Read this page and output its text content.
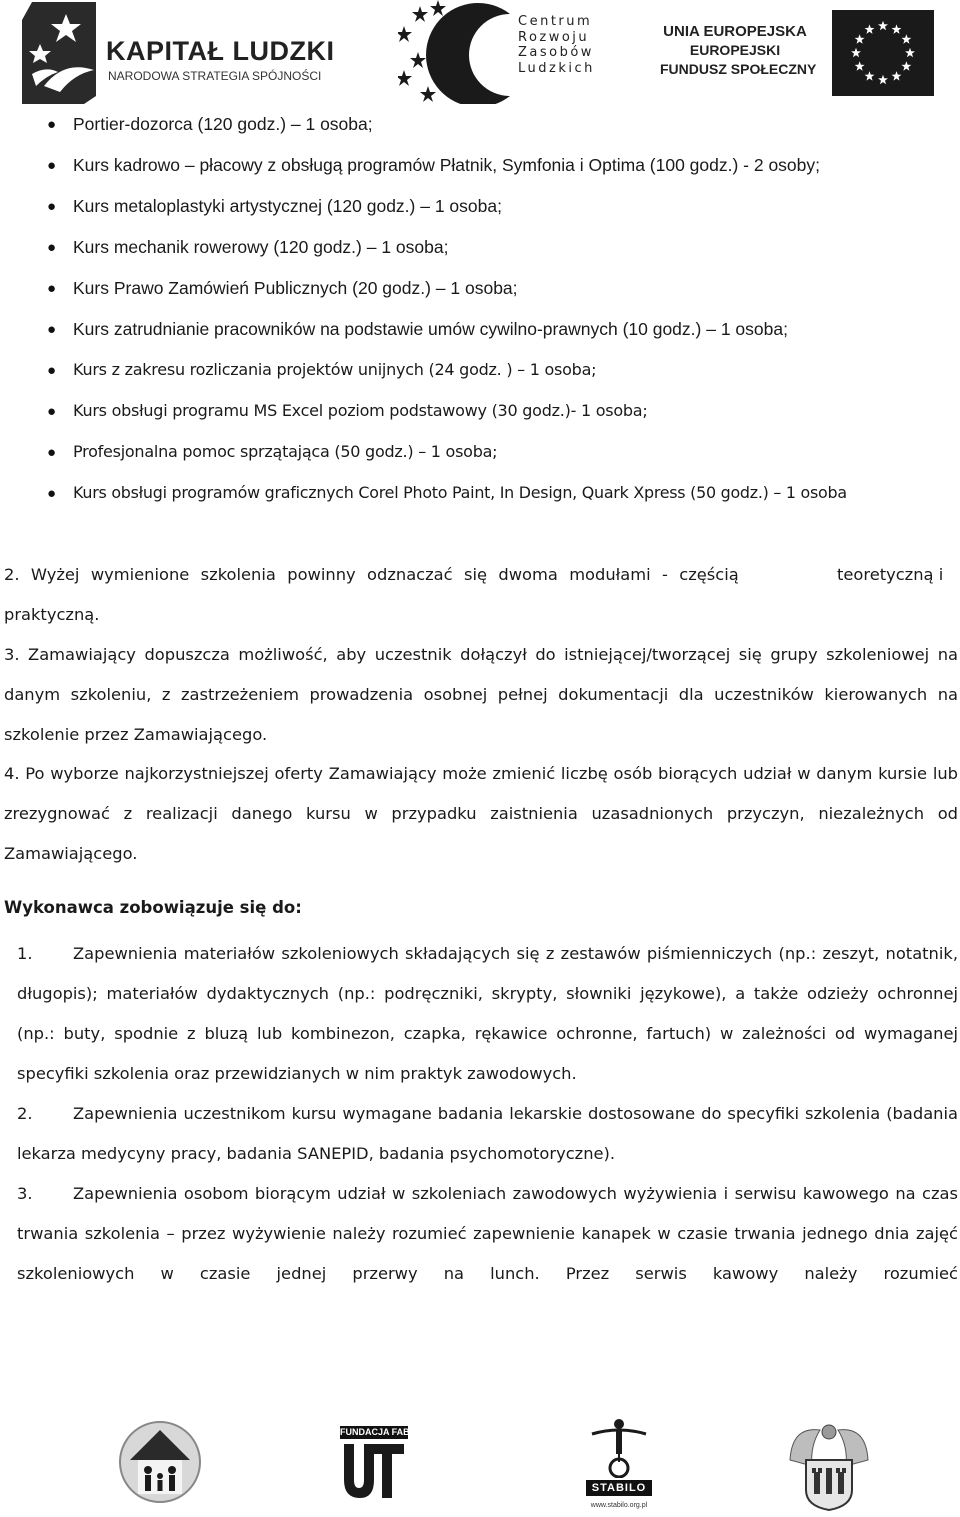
KAPITAŁ LUDZKI
NARODOWA STRATEGIA SPÓJNOŚCI
Centrum
Rozwoju
Zasobów
Ludzkich
UNIA EUROPEJSKA
EUROPEJSKI
FUNDUSZ SPOŁECZNY
● Portier-dozorca (120 godz.) – 1 osoba;
● Kurs kadrowo – płacowy z obsługą programów Płatnik, Symfonia i Optima (100 godz.) - 2 osoby;
● Kurs metaloplastyki artystycznej (120 godz.) – 1 osoba;
● Kurs mechanik rowerowy (120 godz.) – 1 osoba;
● Kurs Prawo Zamówień Publicznych (20 godz.) – 1 osoba;
● Kurs zatrudnianie pracowników na podstawie umów cywilno-prawnych (10 godz.) – 1 osoba;
● Kurs z zakresu rozliczania projektów unijnych (24 godz. ) – 1 osoba;
● Kurs obsługi programu MS Excel poziom podstawowy (30 godz.)- 1 osoba;
● Profesjonalna pomoc sprzątająca (50 godz.) – 1 osoba;
● Kurs obsługi programów graficznych Corel Photo Paint, In Design, Quark Xpress (50 godz.) – 1 osoba
2. Wyżej wymienione szkolenia powinny odznaczać się dwoma modułami - częścią	teoretyczną i
praktyczną.
3. Zamawiający dopuszcza możliwość, aby uczestnik dołączył do istniejącej/tworzącej się grupy szkoleniowej na danym szkoleniu, z zastrzeżeniem prowadzenia osobnej pełnej dokumentacji dla uczestników kierowanych na szkolenie przez Zamawiającego.
4. Po wyborze najkorzystniejszej oferty Zamawiający może zmienić liczbę osób biorących udział w danym kursie lub zrezygnować z realizacji danego kursu w przypadku zaistnienia uzasadnionych przyczyn, niezależnych od Zamawiającego.
Wykonawca zobowiązuje się do:
1.	Zapewnienia materiałów szkoleniowych składających się z zestawów piśmienniczych (np.: zeszyt, notatnik, długopis); materiałów dydaktycznych (np.: podręczniki, skrypty, słowniki językowe), a także odzieży ochronnej (np.: buty, spodnie z bluzą lub kombinezon, czapka, rękawice ochronne, fartuch) w zależności od wymaganej specyfiki szkolenia oraz przewidzianych w nim praktyk zawodowych.
2.	Zapewnienia uczestnikom kursu wymagane badania lekarskie dostosowane do specyfiki szkolenia (badania lekarza medycyny pracy, badania SANEPID, badania psychomotoryczne).
3.	Zapewnienia osobom biorącym udział w szkoleniach zawodowych wyżywienia i serwisu kawowego na czas trwania szkolenia – przez wyżywienie należy rozumieć zapewnienie kanapek w czasie trwania jednego dnia zajęć szkoleniowych w czasie jednej przerwy na lunch. Przez serwis kawowy należy rozumieć
FUNDACJA FABRYKA
STABILO
www.stabilo.org.pl
